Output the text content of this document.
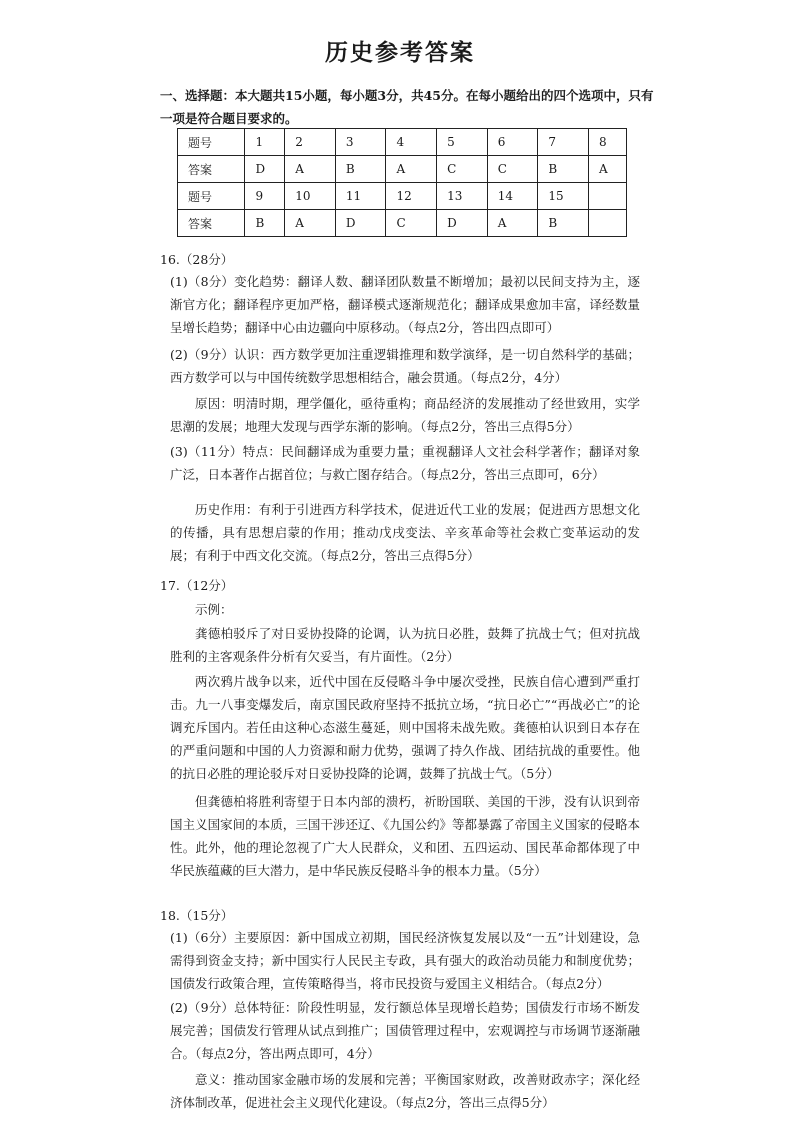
历史参考答案
一、选择题：本大题共15小题，每小题3分，共45分。在每小题给出的四个选项中，只有一项是符合题目要求的。
题号	1	2	3	4	5	6	7	8
答案	D	A	B	A	C	C	B	A
题号	9	10	11	12	13	14	15	
答案	B	A	D	C	D	A	B	
16.（28分）
(1)（8分）变化趋势：翻译人数、翻译团队数量不断增加；最初以民间支持为主，逐渐官方化；翻译程序更加严格，翻译模式逐渐规范化；翻译成果愈加丰富，译经数量呈增长趋势；翻译中心由边疆向中原移动。（每点2分，答出四点即可）
(2)（9分）认识：西方数学更加注重逻辑推理和数学演绎，是一切自然科学的基础；西方数学可以与中国传统数学思想相结合，融会贯通。（每点2分，4分）
原因：明清时期，理学僵化，亟待重构；商品经济的发展推动了经世致用，实学思潮的发展；地理大发现与西学东渐的影响。（每点2分，答出三点得5分）
(3)（11分）特点：民间翻译成为重要力量；重视翻译人文社会科学著作；翻译对象广泛，日本著作占据首位；与救亡图存结合。（每点2分，答出三点即可，6分）
历史作用：有利于引进西方科学技术，促进近代工业的发展；促进西方思想文化的传播，具有思想启蒙的作用；推动戊戌变法、辛亥革命等社会救亡变革运动的发展；有利于中西文化交流。（每点2分，答出三点得5分）
17.（12分）
示例：
龚德柏驳斥了对日妥协投降的论调，认为抗日必胜，鼓舞了抗战士气；但对抗战胜利的主客观条件分析有欠妥当，有片面性。（2分）
两次鸦片战争以来，近代中国在反侵略斗争中屡次受挫，民族自信心遭到严重打击。九一八事变爆发后，南京国民政府坚持不抵抗立场，“抗日必亡”“再战必亡”的论调充斥国内。若任由这种心态滋生蔓延，则中国将未战先败。龚德柏认识到日本存在的严重问题和中国的人力资源和耐力优势，强调了持久作战、团结抗战的重要性。他的抗日必胜的理论驳斥对日妥协投降的论调，鼓舞了抗战士气。（5分）
但龚德柏将胜利寄望于日本内部的溃朽，祈盼国联、美国的干涉，没有认识到帝国主义国家间的本质，三国干涉还辽、《九国公约》等都暴露了帝国主义国家的侵略本性。此外，他的理论忽视了广大人民群众，义和团、五四运动、国民革命都体现了中华民族蕴藏的巨大潜力，是中华民族反侵略斗争的根本力量。（5分）
18.（15分）
(1)（6分）主要原因：新中国成立初期，国民经济恢复发展以及“一五”计划建设，急需得到资金支持；新中国实行人民民主专政，具有强大的政治动员能力和制度优势；国债发行政策合理，宣传策略得当，将市民投资与爱国主义相结合。（每点2分）
(2)（9分）总体特征：阶段性明显，发行额总体呈现增长趋势；国债发行市场不断发展完善；国债发行管理从试点到推广；国债管理过程中，宏观调控与市场调节逐渐融合。（每点2分，答出两点即可，4分）
意义：推动国家金融市场的发展和完善；平衡国家财政，改善财政赤字；深化经济体制改革，促进社会主义现代化建设。（每点2分，答出三点得5分）
